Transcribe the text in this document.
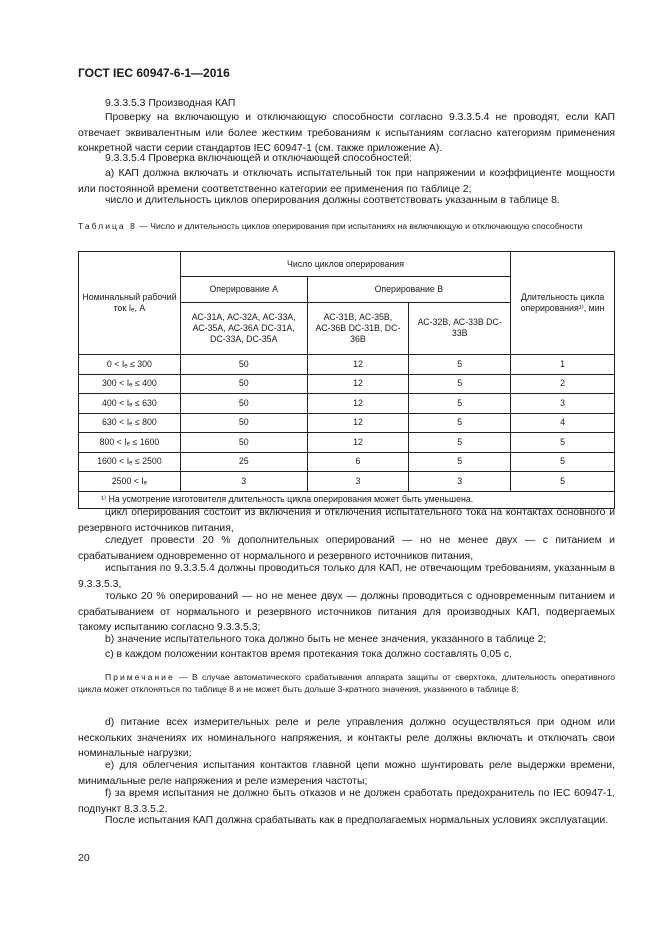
ГОСТ IEC 60947-6-1—2016
9.3.3.5.3 Производная КАП
Проверку на включающую и отключающую способности согласно 9.3.3.5.4 не проводят, если КАП отвечает эквивалентным или более жестким требованиям к испытаниям согласно категориям применения конкретной части серии стандартов IEC 60947-1 (см. также приложение А).
9.3.3.5.4 Проверка включающей и отключающей способностей:
а) КАП должна включать и отключать испытательный ток при напряжении и коэффициенте мощности или постоянной времени соответственно категории ее применения по таблице 2;
число и длительность циклов оперирования должны соответствовать указанным в таблице 8.
Таблица 8 — Число и длительность циклов оперирования при испытаниях на включающую и отключающую способности
Номинальный рабочий ток Iₑ, А	Число циклов оперирования			Длительность цикла оперирования¹⁾, мин
	Оперирование А	Оперирование В		
	АС-31А, АС-32А, АС-33А, АС-35А, АС-36А DC-31A, DC-33A, DC-35A	АС-31В, АС-35В, АС-36В DC-31B, DC-36B	АС-32В, АС-33В DC-33B	
0 < Iₑ ≤ 300	50	12	5	1
300 < Iₑ ≤ 400	50	12	5	2
400 < Iₑ ≤ 630	50	12	5	3
630 < Iₑ ≤ 800	50	12	5	4
800 < Iₑ ≤ 1600	50	12	5	5
1600 < Iₑ ≤ 2500	25	6	5	5
2500 < Iₑ	3	3	3	5
¹⁾ На усмотрение изготовителя длительность цикла оперирования может быть уменьшена.				
цикл оперирования состоит из включения и отключения испытательного тока на контактах основного и резервного источников питания,
следует провести 20 % дополнительных оперирований — но не менее двух — с питанием и срабатыванием одновременно от нормального и резервного источников питания,
испытания по 9.3.3.5.4 должны проводиться только для КАП, не отвечающим требованиям, указанным в 9.3.3.5.3,
только 20 % оперирований — но не менее двух — должны проводиться с одновременным питанием и срабатыванием от нормального и резервного источников питания для производных КАП, подвергаемых такому испытанию согласно 9.3.3.5.3;
b) значение испытательного тока должно быть не менее значения, указанного в таблице 2;
c) в каждом положении контактов время протекания тока должно составлять 0,05 с.
Примечание — В случае автоматического срабатывания аппарата защиты от сверхтока, длительность оперативного цикла может отклоняться по таблице 8 и не может быть дольше 3-кратного значения, указанного в таблице 8;
d) питание всех измерительных реле и реле управления должно осуществляться при одном или нескольких значениях их номинального напряжения, и контакты реле должны включать и отключать свои номинальные нагрузки;
e) для облегчения испытания контактов главной цепи можно шунтировать реле выдержки времени, минимальные реле напряжения и реле измерения частоты;
f) за время испытания не должно быть отказов и не должен сработать предохранитель по IEC 60947-1, подпункт 8.3.3.5.2.
После испытания КАП должна срабатывать как в предполагаемых нормальных условиях эксплуатации.
20
